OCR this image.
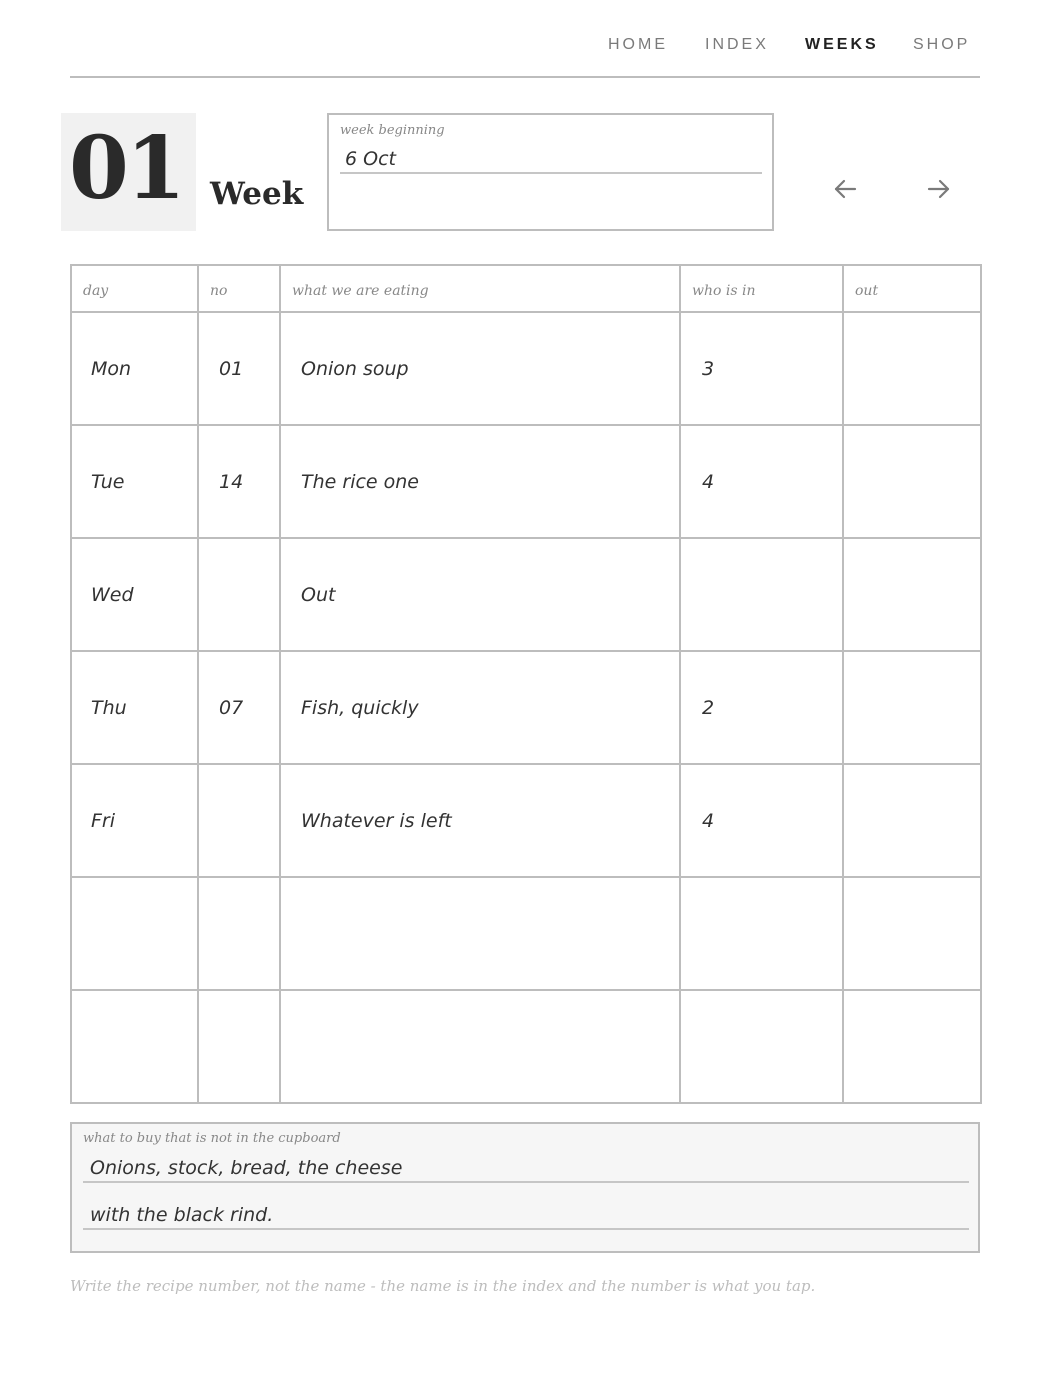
HOME INDEX WEEKS SHOP
01 Week
week beginning
6 Oct
day	no	what we are eating	who is in	out
Mon	01	Onion soup	3	
Tue	14	The rice one	4	
Wed		Out		
Thu	07	Fish, quickly	2	
Fri		Whatever is left	4	

what to buy that is not in the cupboard
Onions, stock, bread, the cheese
with the black rind.

Write the recipe number, not the name - the name is in the index and the number is what you tap.
